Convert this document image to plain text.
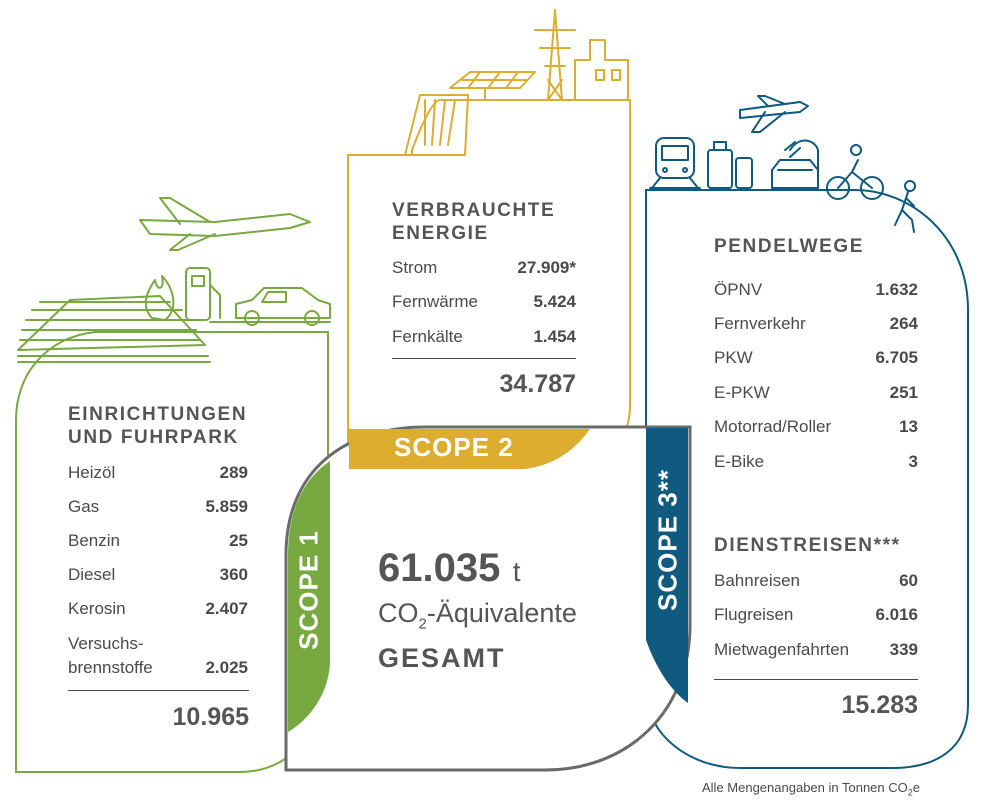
EINRICHTUNGEN
UND FUHRPARK
Heizöl	289
Gas	5.859
Benzin	25
Diesel	360
Kerosin	2.407
Versuchs-
brennstoffe	2.025
10.965
VERBRAUCHTE
ENERGIE
Strom	27.909*
Fernwärme	5.424
Fernkälte	1.454
34.787
PENDELWEGE
ÖPNV	1.632
Fernverkehr	264
PKW	6.705
E-PKW	251
Motorrad/Roller	13
E-Bike	3
DIENSTREISEN***
Bahnreisen	60
Flugreisen	6.016
Mietwagenfahrten 339
15.283
SCOPE 2
SCOPE 1	SCOPE 3**
61.035 t
$CO_2$-Äquivalente
GESAMT
Alle Mengenangaben in Tonnen $CO_2e$
